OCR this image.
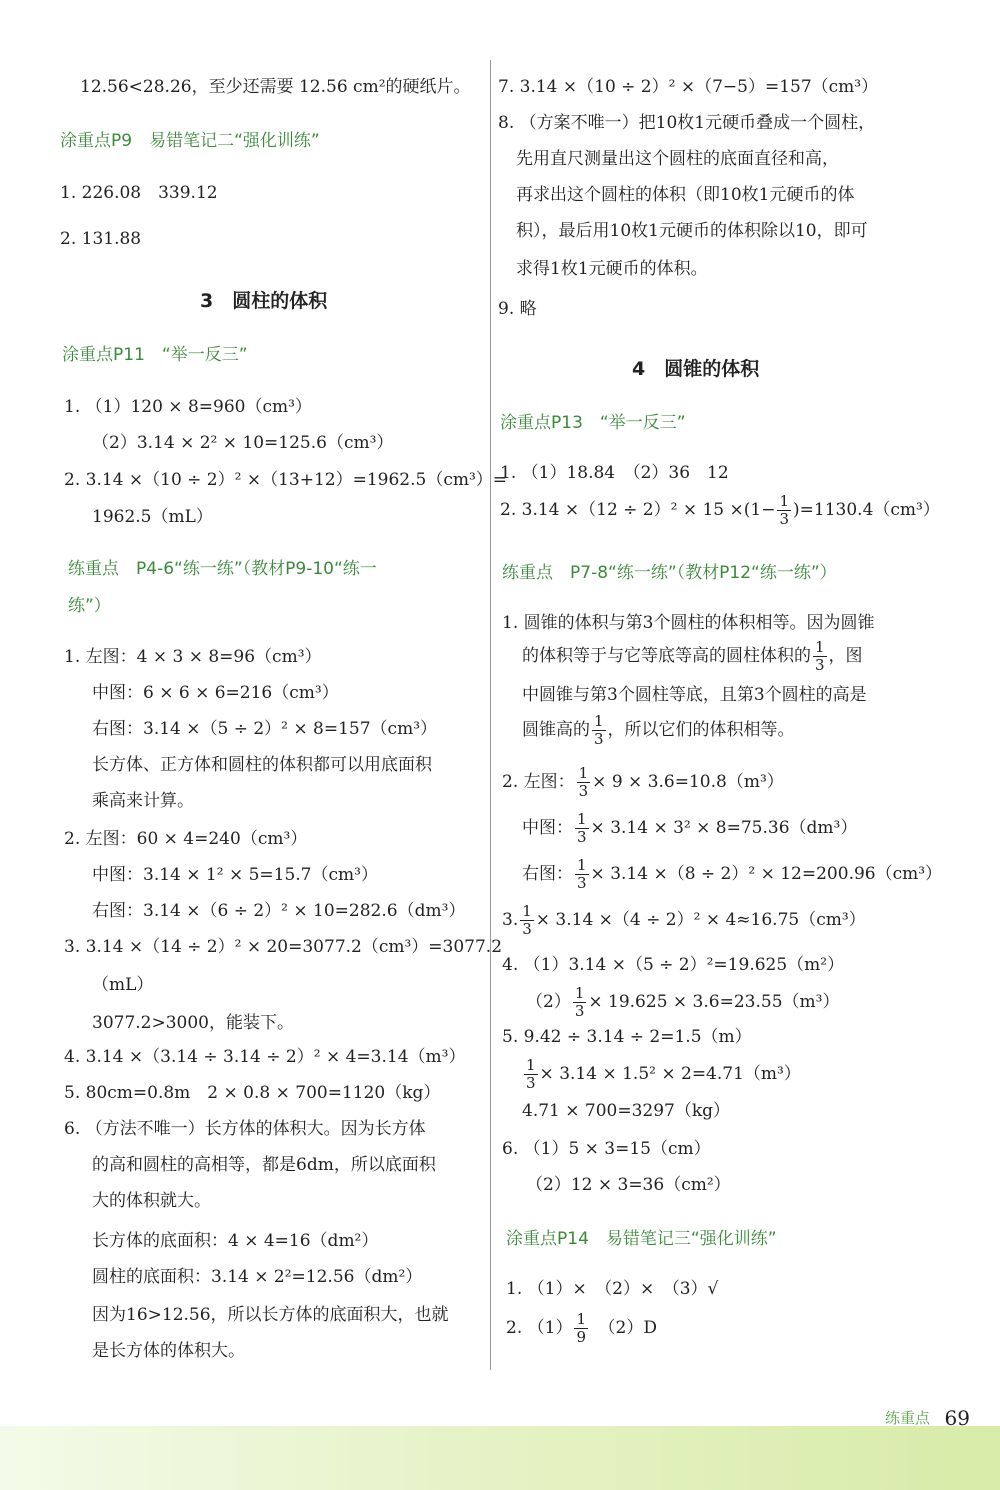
12.56<28.26，至少还需要 12.56 cm²的硬纸片。
涂重点P9　易错笔记二“强化训练”
1. 226.08　339.12
2. 131.88
3　圆柱的体积
涂重点P11　“举一反三”
1. （1）120 × 8=960（cm³）
（2）3.14 × 2² × 10=125.6（cm³）
2. 3.14 ×（10 ÷ 2）² ×（13+12）=1962.5（cm³）=
1962.5（mL）
练重点　P4-6“练一练”（教材P9-10“练一
练”）
1. 左图：4 × 3 × 8=96（cm³）
中图：6 × 6 × 6=216（cm³）
右图：3.14 ×（5 ÷ 2）² × 8=157（cm³）
长方体、正方体和圆柱的体积都可以用底面积
乘高来计算。
2. 左图：60 × 4=240（cm³）
中图：3.14 × 1² × 5=15.7（cm³）
右图：3.14 ×（6 ÷ 2）² × 10=282.6（dm³）
3. 3.14 ×（14 ÷ 2）² × 20=3077.2（cm³）=3077.2
（mL）
3077.2>3000，能装下。
4. 3.14 ×（3.14 ÷ 3.14 ÷ 2）² × 4=3.14（m³）
5. 80cm=0.8m　2 × 0.8 × 700=1120（kg）
6. （方法不唯一）长方体的体积大。因为长方体
的高和圆柱的高相等，都是6dm，所以底面积
大的体积就大。
长方体的底面积：4 × 4=16（dm²）
圆柱的底面积：3.14 × 2²=12.56（dm²）
因为16>12.56，所以长方体的底面积大，也就
是长方体的体积大。
7. 3.14 ×（10 ÷ 2）² ×（7−5）=157（cm³）
8. （方案不唯一）把10枚1元硬币叠成一个圆柱，
先用直尺测量出这个圆柱的底面直径和高，
再求出这个圆柱的体积（即10枚1元硬币的体
积），最后用10枚1元硬币的体积除以10，即可
求得1枚1元硬币的体积。
9. 略
4　圆锥的体积
涂重点P13　“举一反三”
1. （1）18.84　（2）36　12
2. $3.14 \times(12 \div 2)^2 \times 15 \times(1- \frac{1}{3} )=1130.4(cm^3)$
练重点　P7-8“练一练”（教材P12“练一练”）
1. 圆锥的体积与第3个圆柱的体积相等。因为圆锥
的体积等于与它等底等高的圆柱体积的 $\frac{1}{3}$ ，图
中圆锥与第3个圆柱等底，且第3个圆柱的高是
圆锥高的 $\frac{1}{3}$ ，所以它们的体积相等。
2. 左图： $\frac{1}{3} \times 9 \times 3.6=10.8(m^3)$
中图： $\frac{1}{3} \times 3.14 \times 3^2 \times 8=75.36(dm^3)$
右图： $\frac{1}{3} \times 3.14 \times(8 \div 2)^2 \times 12=200.96(cm^3)$
3. $\frac{1}{3} \times 3.14 \times(4 \div 2)^2 \times 4\approx 16.75(cm^3)$
4. （1）3.14 ×（5 ÷ 2）²=19.625（m²）
$(2) \frac{1}{3} \times 19.625 \times 3.6=23.55(m^3)$
5. 9.42 ÷ 3.14 ÷ 2=1.5（m）
$\frac{1}{3} \times 3.14 \times 1.5^2 \times 2=4.71(m^3)$
4.71 × 700=3297（kg）
6. （1）5 × 3=15（cm）
（2）12 × 3=36（cm²）
涂重点P14　易错笔记三“强化训练”
1. （1）×　（2）×　（3）√
2. $(1) \frac{1}{9}$
　 （2）D
练重点 69
